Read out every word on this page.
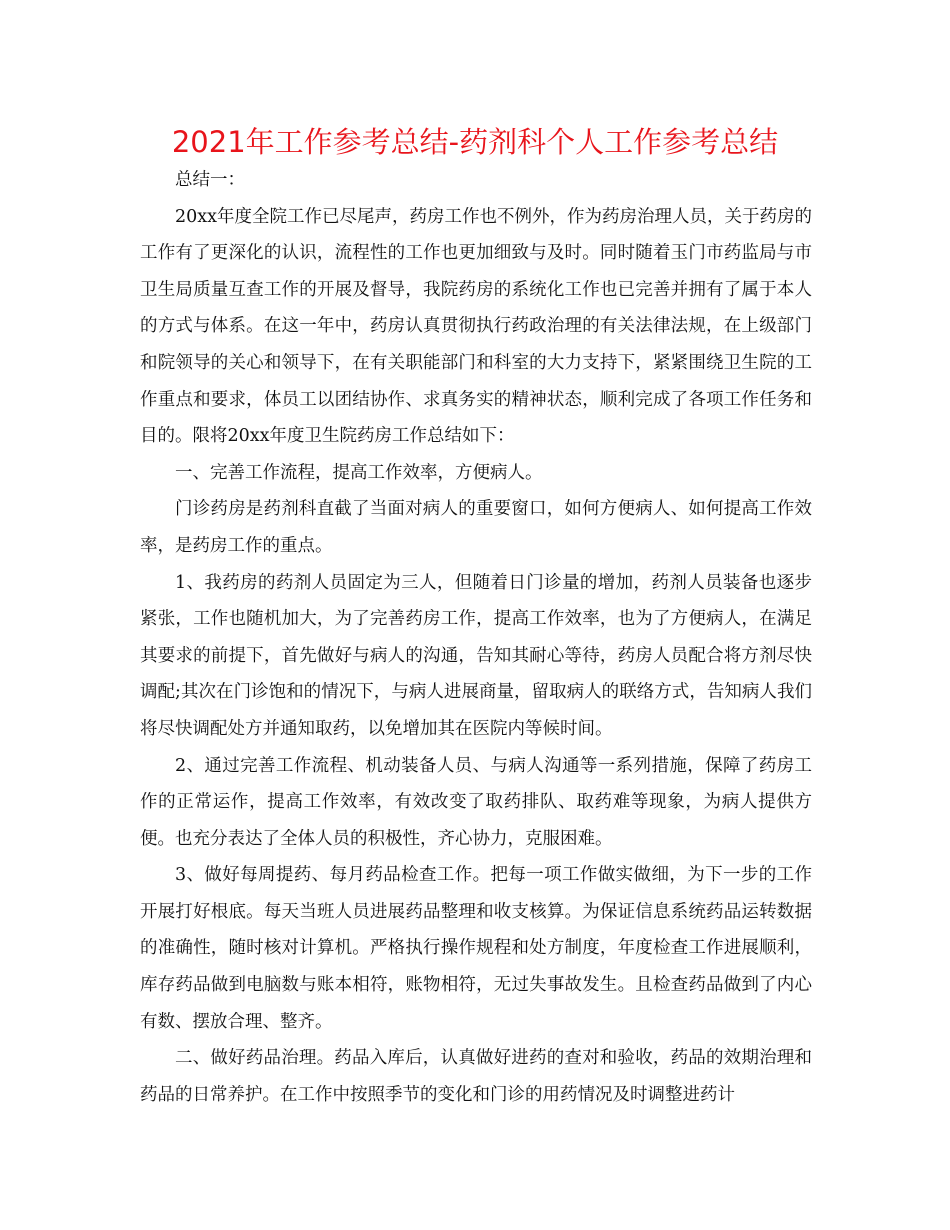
2021年工作参考总结-药剂科个人工作参考总结

总结一：

20xx年度全院工作已尽尾声，药房工作也不例外，作为药房治理人员，关于药房的工作有了更深化的认识，流程性的工作也更加细致与及时。同时随着玉门市药监局与市卫生局质量互查工作的开展及督导，我院药房的系统化工作也已完善并拥有了属于本人的方式与体系。在这一年中，药房认真贯彻执行药政治理的有关法律法规，在上级部门和院领导的关心和领导下，在有关职能部门和科室的大力支持下，紧紧围绕卫生院的工作重点和要求，体员工以团结协作、求真务实的精神状态，顺利完成了各项工作任务和目的。限将20xx年度卫生院药房工作总结如下：

一、完善工作流程，提高工作效率，方便病人。

门诊药房是药剂科直截了当面对病人的重要窗口，如何方便病人、如何提高工作效率，是药房工作的重点。

1、我药房的药剂人员固定为三人，但随着日门诊量的增加，药剂人员装备也逐步紧张，工作也随机加大，为了完善药房工作，提高工作效率，也为了方便病人，在满足其要求的前提下，首先做好与病人的沟通，告知其耐心等待，药房人员配合将方剂尽快调配;其次在门诊饱和的情况下，与病人进展商量，留取病人的联络方式，告知病人我们将尽快调配处方并通知取药，以免增加其在医院内等候时间。

2、通过完善工作流程、机动装备人员、与病人沟通等一系列措施，保障了药房工作的正常运作，提高工作效率，有效改变了取药排队、取药难等现象，为病人提供方便。也充分表达了全体人员的积极性，齐心协力，克服困难。

3、做好每周提药、每月药品检查工作。把每一项工作做实做细，为下一步的工作开展打好根底。每天当班人员进展药品整理和收支核算。为保证信息系统药品运转数据的准确性，随时核对计算机。严格执行操作规程和处方制度，年度检查工作进展顺利，库存药品做到电脑数与账本相符，账物相符，无过失事故发生。且检查药品做到了内心有数、摆放合理、整齐。

二、做好药品治理。药品入库后，认真做好进药的查对和验收，药品的效期治理和药品的日常养护。在工作中按照季节的变化和门诊的用药情况及时调整进药计
